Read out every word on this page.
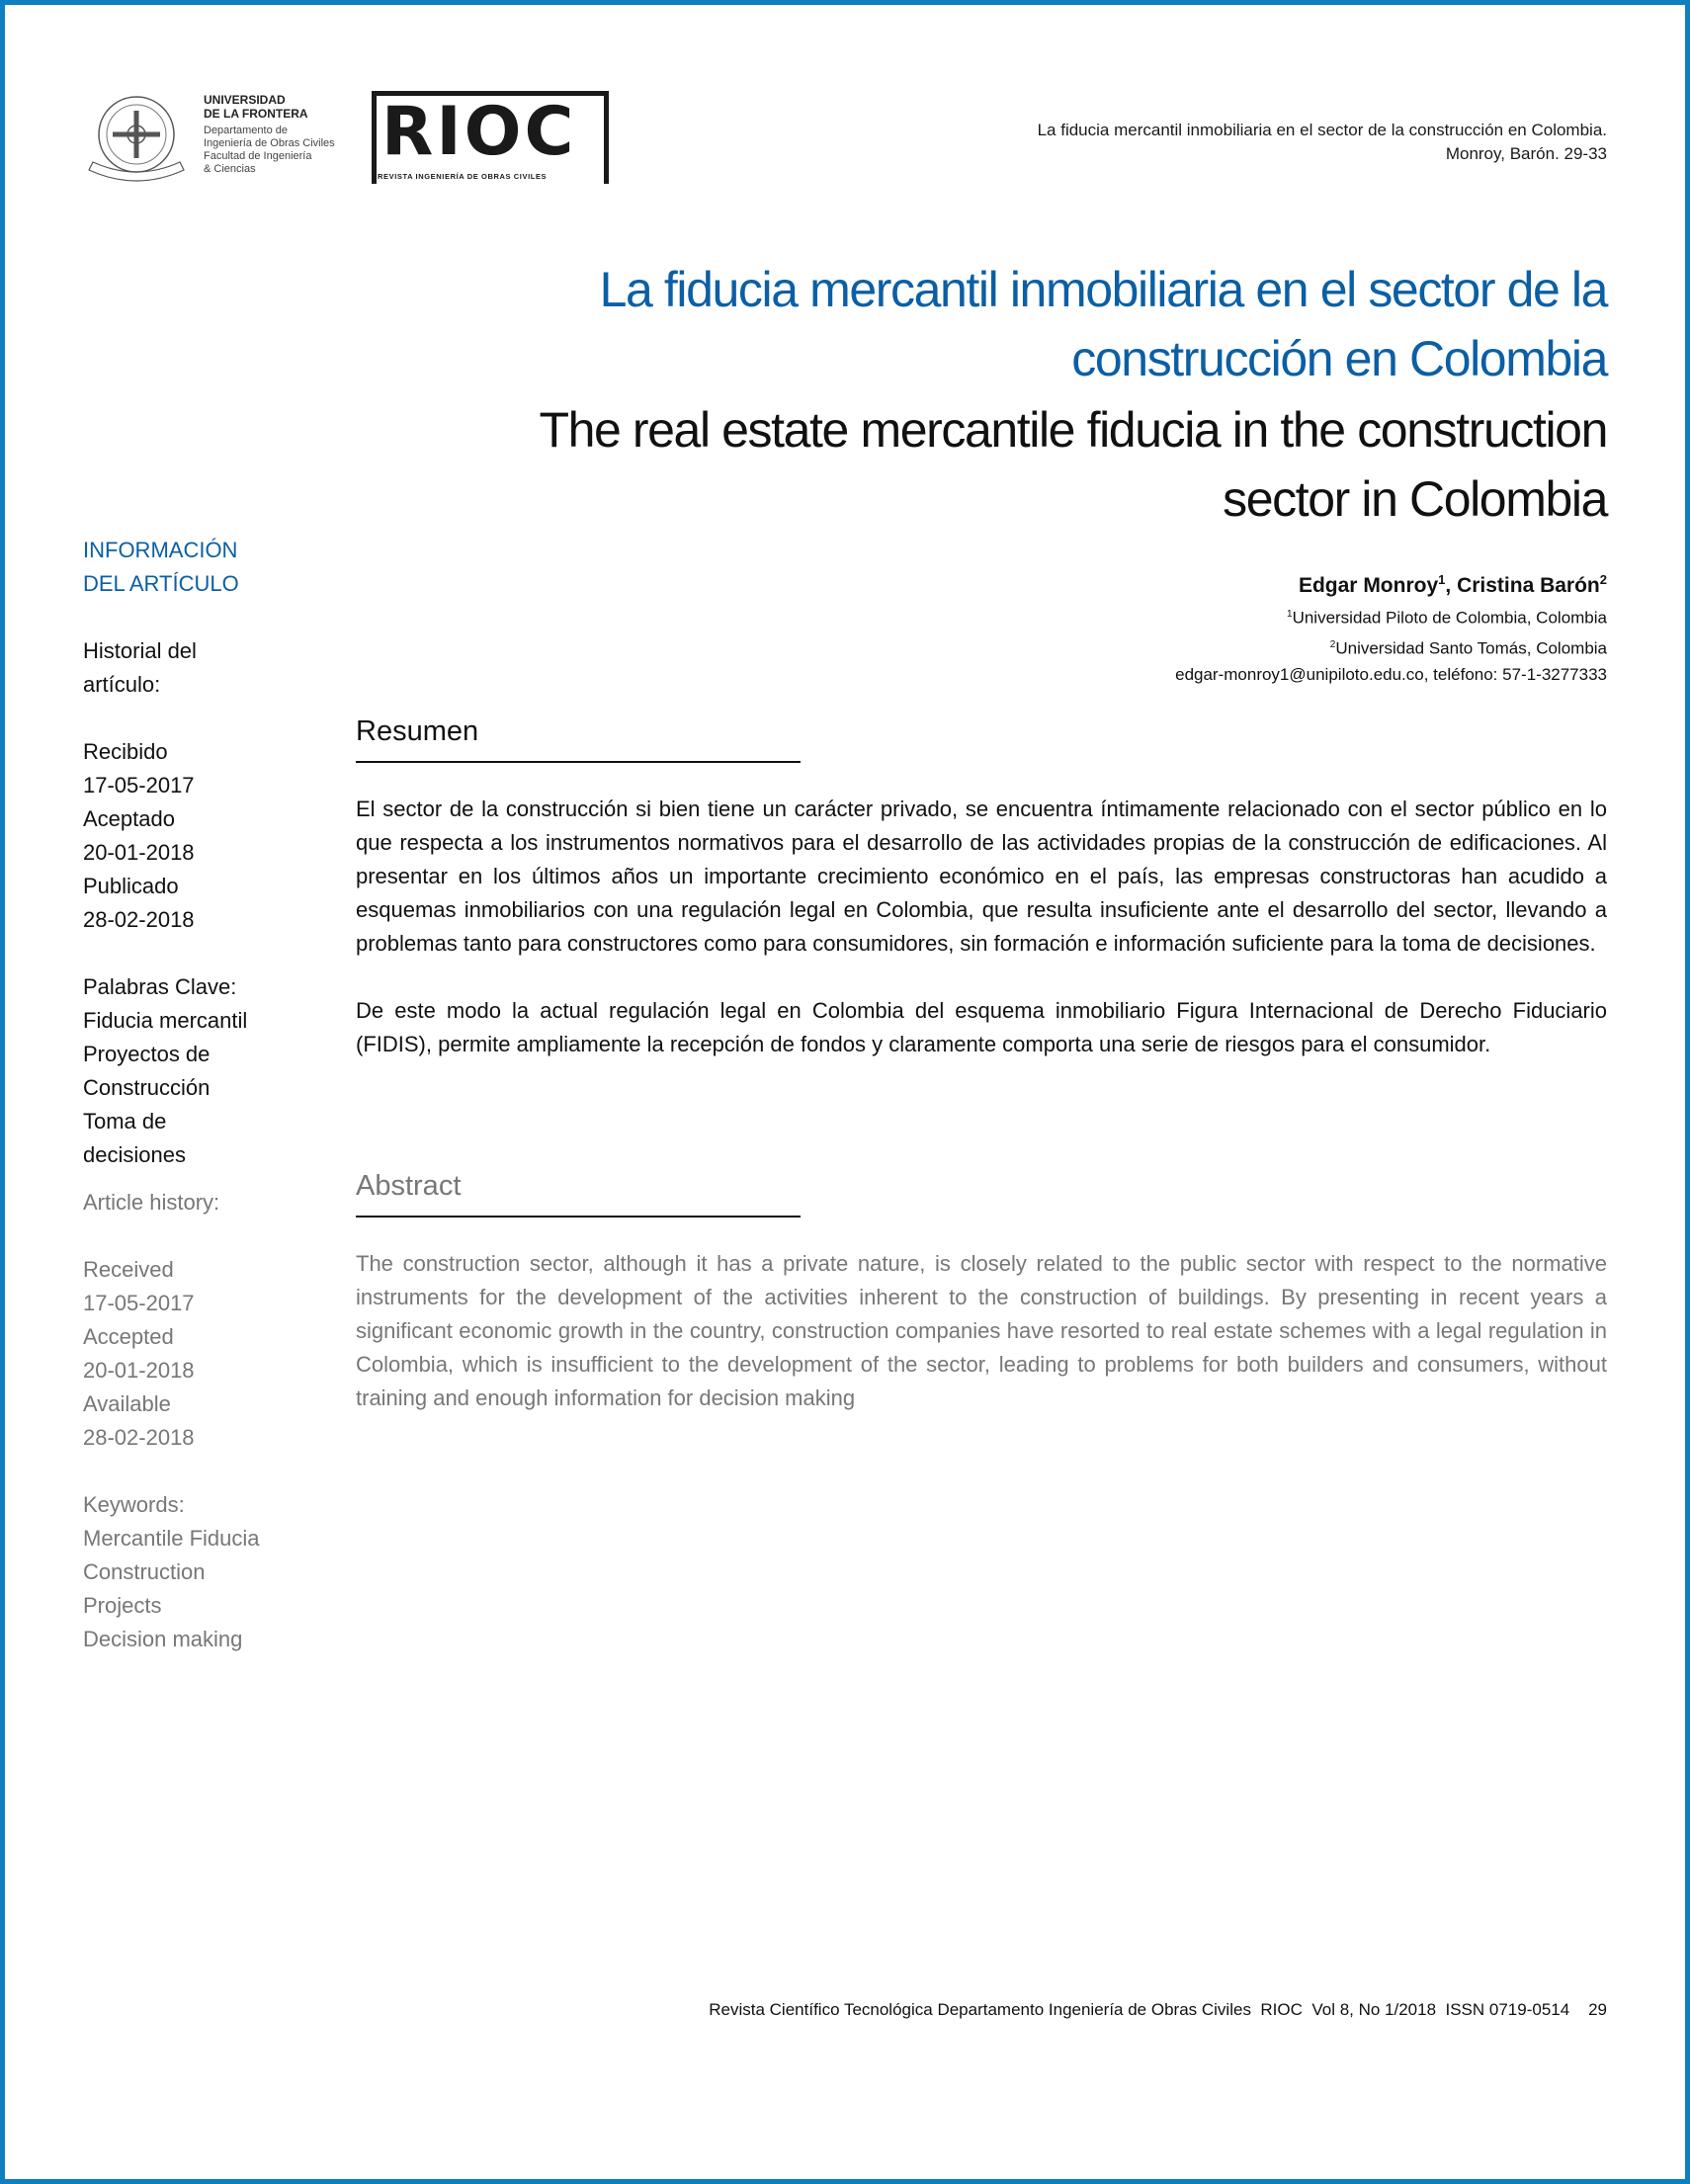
UNIVERSIDAD
DE LA FRONTERA
Departamento de
Ingeniería de Obras Civiles
Facultad de Ingeniería
& Ciencias	RIOC
REVISTA INGENIERÍA DE OBRAS CIVILES
La fiducia mercantil inmobiliaria en el sector de la construcción en Colombia.
Monroy, Barón. 29-33
La fiducia mercantil inmobiliaria en el sector de la
construcción en Colombia
The real estate mercantile fiducia in the construction
sector in Colombia
Edgar Monroy$^1$, Cristina Barón$^2$
$^1$Universidad Piloto de Colombia, Colombia
$^2$Universidad Santo Tomás, Colombia
edgar-monroy1@unipiloto.edu.co, teléfono: 57-1-3277333
INFORMACIÓN
DEL ARTÍCULO
Historial del
artículo:
Recibido
17-05-2017
Aceptado
20-01-2018
Publicado
28-02-2018
Palabras Clave:
Fiducia mercantil
Proyectos de
Construcción
Toma de
decisiones
Article history:
Received
17-05-2017
Accepted
20-01-2018
Available
28-02-2018
Keywords:
Mercantile Fiducia
Construction
Projects
Decision making
Resumen

El sector de la construcción si bien tiene un carácter privado, se encuentra íntimamente relacionado con el sector público en lo que respecta a los instrumentos normativos para el desarrollo de las actividades propias de la construcción de edificaciones. Al presentar en los últimos años un importante crecimiento económico en el país, las empresas constructoras han acudido a esquemas inmobiliarios con una regulación legal en Colombia, que resulta insuficiente ante el desarrollo del sector, llevando a problemas tanto para constructores como para consumidores, sin formación e información suficiente para la toma de decisiones.

De este modo la actual regulación legal en Colombia del esquema inmobiliario Figura Internacional de Derecho Fiduciario (FIDIS), permite ampliamente la recepción de fondos y claramente comporta una serie de riesgos para el consumidor.

Abstract

The construction sector, although it has a private nature, is closely related to the public sector with respect to the normative instruments for the development of the activities inherent to the construction of buildings. By presenting in recent years a significant economic growth in the country, construction companies have resorted to real estate schemes with a legal regulation in Colombia, which is insufficient to the development of the sector, leading to problems for both builders and consumers, without training and enough information for decision making

Revista Científico Tecnológica Departamento Ingeniería de Obras Civiles  RIOC  Vol 8, No 1/2018  ISSN 0719-0514    29
